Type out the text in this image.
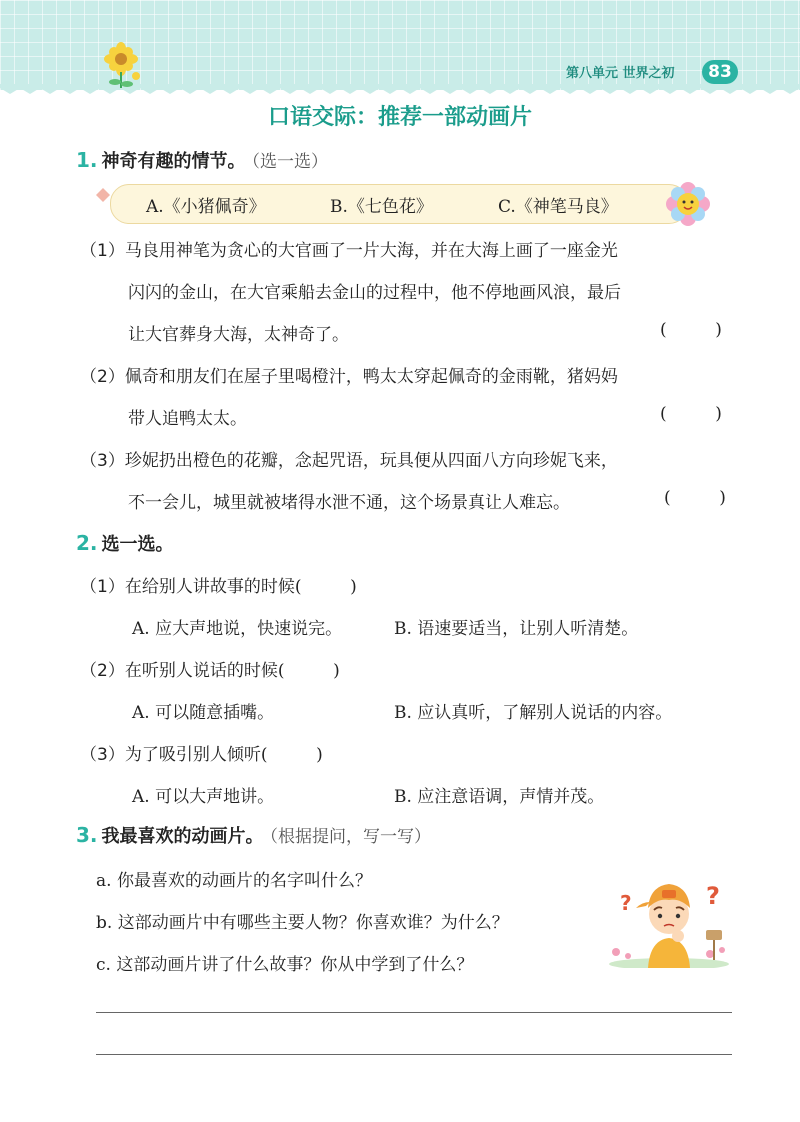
第八单元 世界之初	83
口语交际：推荐一部动画片
1. 神奇有趣的情节。 （选一选）
A.《小猪佩奇》	B.《七色花》	C.《神笔马良》
（1）马良用神笔为贪心的大官画了一片大海，并在大海上画了一座金光
闪闪的金山，在大官乘船去金山的过程中，他不停地画风浪，最后
让大官葬身大海，太神奇了。	(         )
（2）佩奇和朋友们在屋子里喝橙汁，鸭太太穿起佩奇的金雨靴，猪妈妈
带人追鸭太太。	(         )
（3）珍妮扔出橙色的花瓣，念起咒语，玩具便从四面八方向珍妮飞来，
不一会儿，城里就被堵得水泄不通，这个场景真让人难忘。	(         )
2. 选一选。
（1）在给别人讲故事的时候(         )
A. 应大声地说，快速说完。	B. 语速要适当，让别人听清楚。
（2）在听别人说话的时候(         )
A. 可以随意插嘴。	B. 应认真听，了解别人说话的内容。
（3）为了吸引别人倾听(         )
A. 可以大声地讲。	B. 应注意语调，声情并茂。
3. 我最喜欢的动画片。 （根据提问，写一写）
a. 你最喜欢的动画片的名字叫什么？
b. 这部动画片中有哪些主要人物？你喜欢谁？为什么？
c. 这部动画片讲了什么故事？你从中学到了什么？
?	?
